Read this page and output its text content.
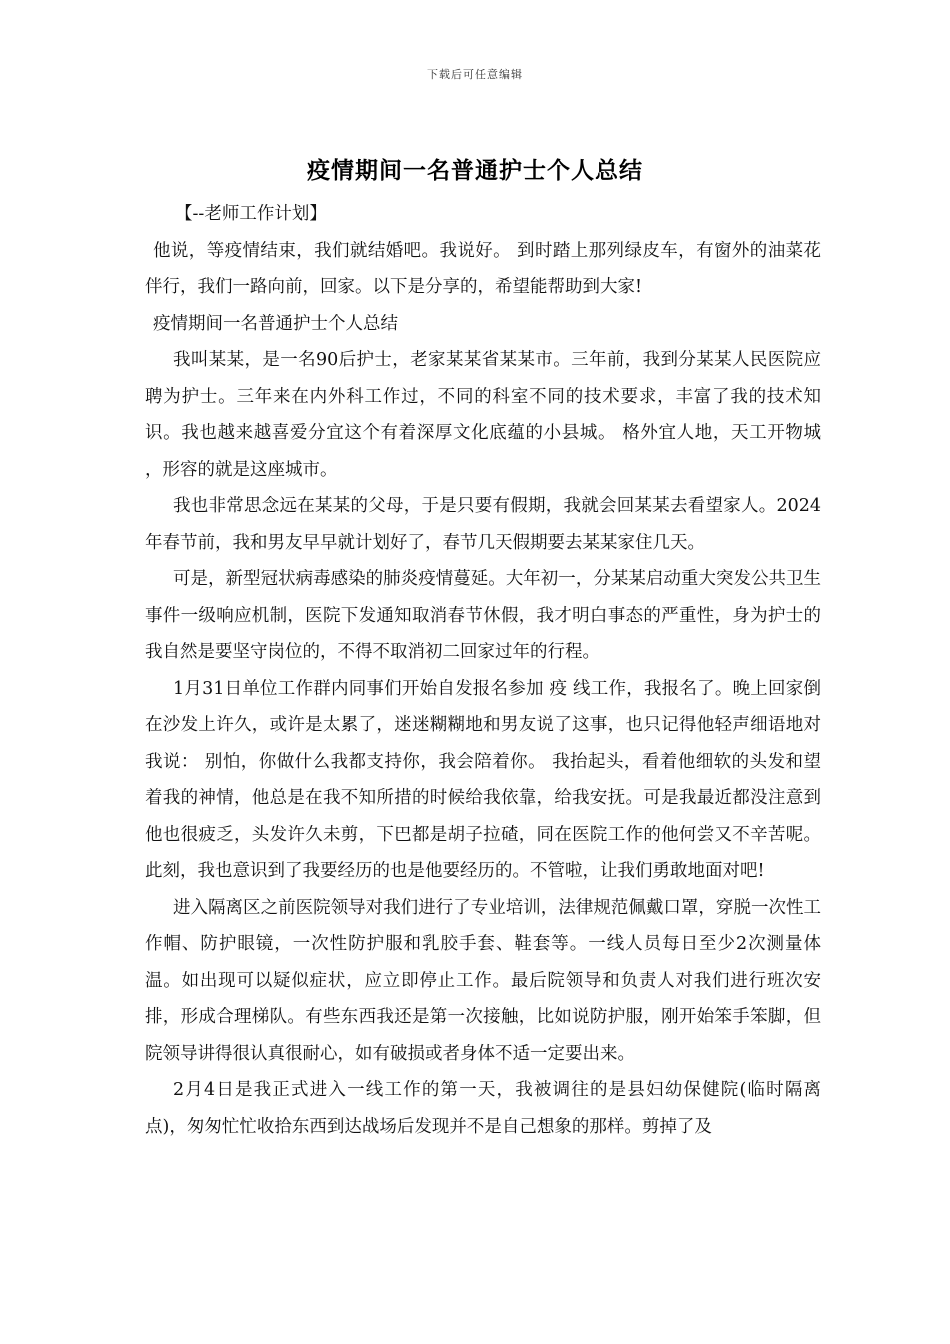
下载后可任意编辑
疫情期间一名普通护士个人总结

【--老师工作计划】

他说，等疫情结束，我们就结婚吧。我说好。 到时踏上那列绿皮车，有窗外的油菜花伴行，我们一路向前，回家。以下是分享的，希望能帮助到大家!

疫情期间一名普通护士个人总结

我叫某某，是一名90后护士，老家某某省某某市。三年前，我到分某某人民医院应聘为护士。三年来在内外科工作过，不同的科室不同的技术要求，丰富了我的技术知识。我也越来越喜爱分宜这个有着深厚文化底蕴的小县城。 格外宜人地，天工开物城 ，形容的就是这座城市。

我也非常思念远在某某的父母，于是只要有假期，我就会回某某去看望家人。2024年春节前，我和男友早早就计划好了，春节几天假期要去某某家住几天。

可是，新型冠状病毒感染的肺炎疫情蔓延。大年初一，分某某启动重大突发公共卫生事件一级响应机制，医院下发通知取消春节休假，我才明白事态的严重性，身为护士的我自然是要坚守岗位的，不得不取消初二回家过年的行程。

1月31日单位工作群内同事们开始自发报名参加 疫 线工作，我报名了。晚上回家倒在沙发上许久，或许是太累了，迷迷糊糊地和男友说了这事，也只记得他轻声细语地对我说： 别怕，你做什么我都支持你，我会陪着你。 我抬起头，看着他细软的头发和望着我的神情，他总是在我不知所措的时候给我依靠，给我安抚。可是我最近都没注意到他也很疲乏，头发许久未剪，下巴都是胡子拉碴，同在医院工作的他何尝又不辛苦呢。此刻，我也意识到了我要经历的也是他要经历的。不管啦，让我们勇敢地面对吧!

进入隔离区之前医院领导对我们进行了专业培训，法律规范佩戴口罩，穿脱一次性工作帽、防护眼镜，一次性防护服和乳胶手套、鞋套等。一线人员每日至少2次测量体温。如出现可以疑似症状，应立即停止工作。最后院领导和负责人对我们进行班次安排，形成合理梯队。有些东西我还是第一次接触，比如说防护服，刚开始笨手笨脚，但院领导讲得很认真很耐心，如有破损或者身体不适一定要出来。

2月4日是我正式进入一线工作的第一天，我被调往的是县妇幼保健院(临时隔离点)，匆匆忙忙收拾东西到达战场后发现并不是自己想象的那样。剪掉了及
